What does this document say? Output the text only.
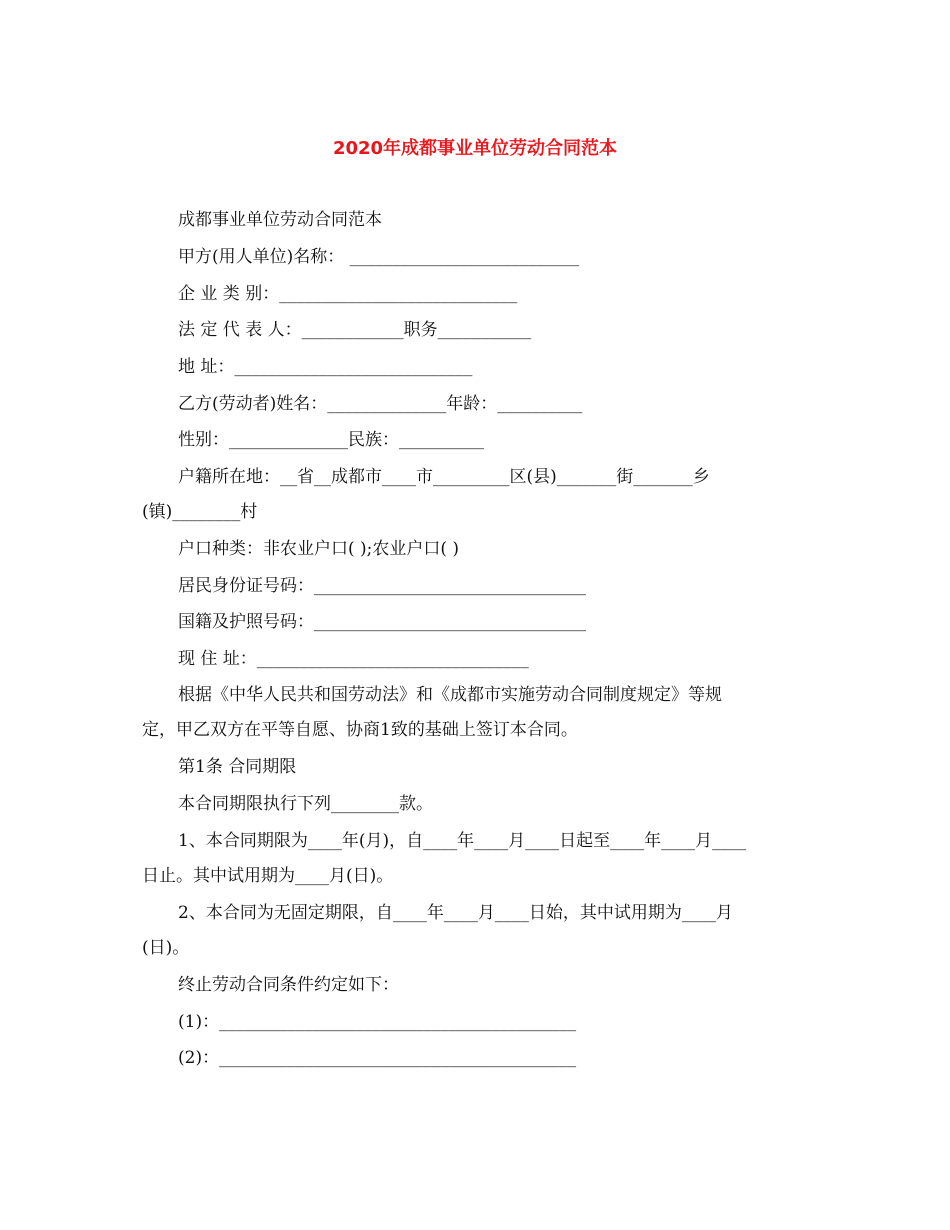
2020年成都事业单位劳动合同范本
成都事业单位劳动合同范本
甲方(用人单位)名称： ___________________________
企 业 类 别：____________________________
法 定 代 表 人：____________职务___________
地 址：____________________________
乙方(劳动者)姓名：______________年龄：__________
性别：______________民族：__________
户籍所在地：__省__成都市____市_________区(县)_______街_______乡
(镇)________村
户口种类：非农业户口( );农业户口( )
居民身份证号码：________________________________
国籍及护照号码：________________________________
现 住 址：________________________________
根据《中华人民共和国劳动法》和《成都市实施劳动合同制度规定》等规
定，甲乙双方在平等自愿、协商1致的基础上签订本合同。
第1条 合同期限
本合同期限执行下列________款。
1、本合同期限为____年(月)，自____年____月____日起至____年____月____
日止。其中试用期为____月(日)。
2、本合同为无固定期限，自____年____月____日始，其中试用期为____月
(日)。
终止劳动合同条件约定如下：
(1)：__________________________________________
(2)：__________________________________________
